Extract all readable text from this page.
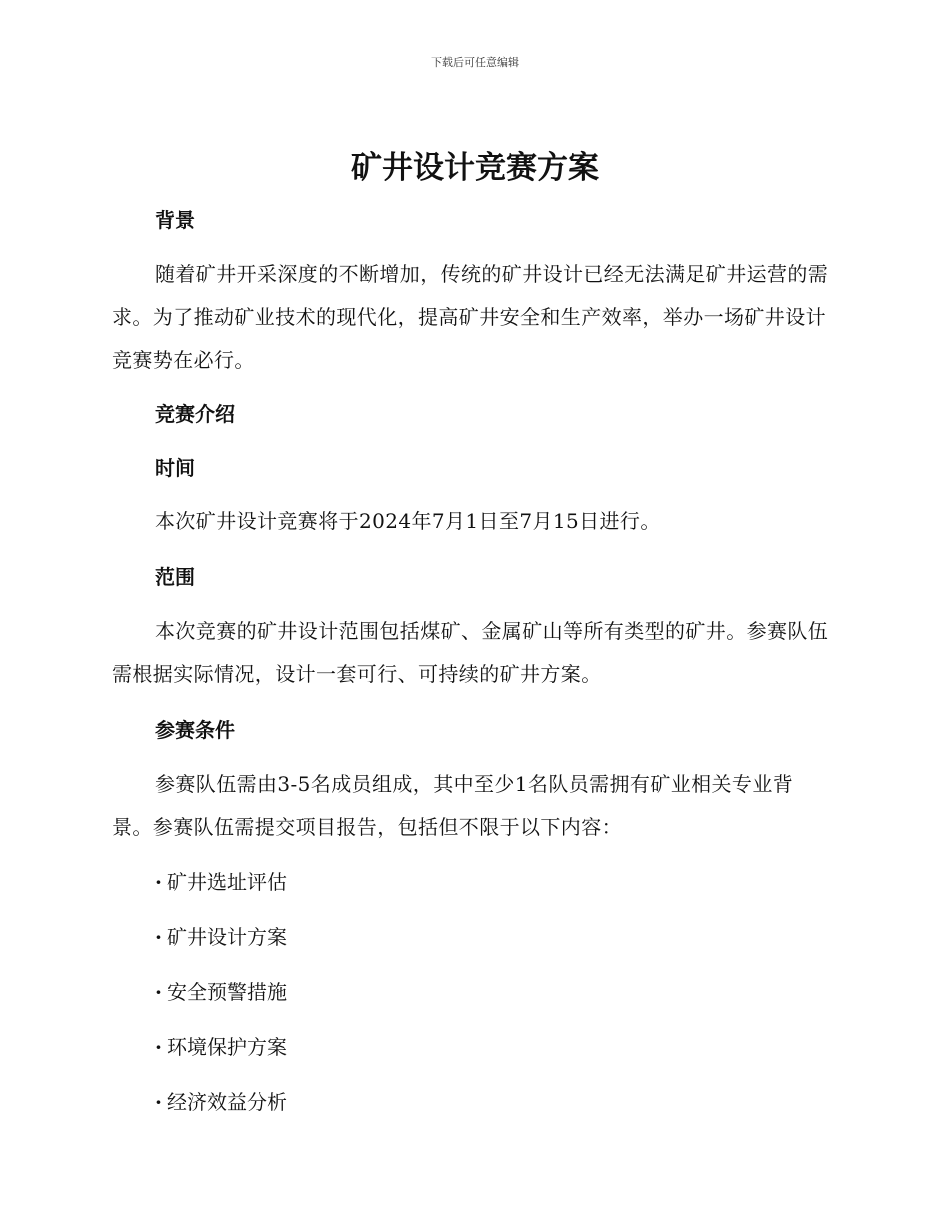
下载后可任意编辑
矿井设计竞赛方案
背景
随着矿井开采深度的不断增加，传统的矿井设计已经无法满足矿井运营的需求。为了推动矿业技术的现代化，提高矿井安全和生产效率，举办一场矿井设计竞赛势在必行。
竞赛介绍
时间
本次矿井设计竞赛将于2024年7月1日至7月15日进行。
范围
本次竞赛的矿井设计范围包括煤矿、金属矿山等所有类型的矿井。参赛队伍需根据实际情况，设计一套可行、可持续的矿井方案。
参赛条件
参赛队伍需由3-5名成员组成，其中至少1名队员需拥有矿业相关专业背景。参赛队伍需提交项目报告，包括但不限于以下内容：
· 矿井选址评估
· 矿井设计方案
· 安全预警措施
· 环境保护方案
· 经济效益分析
